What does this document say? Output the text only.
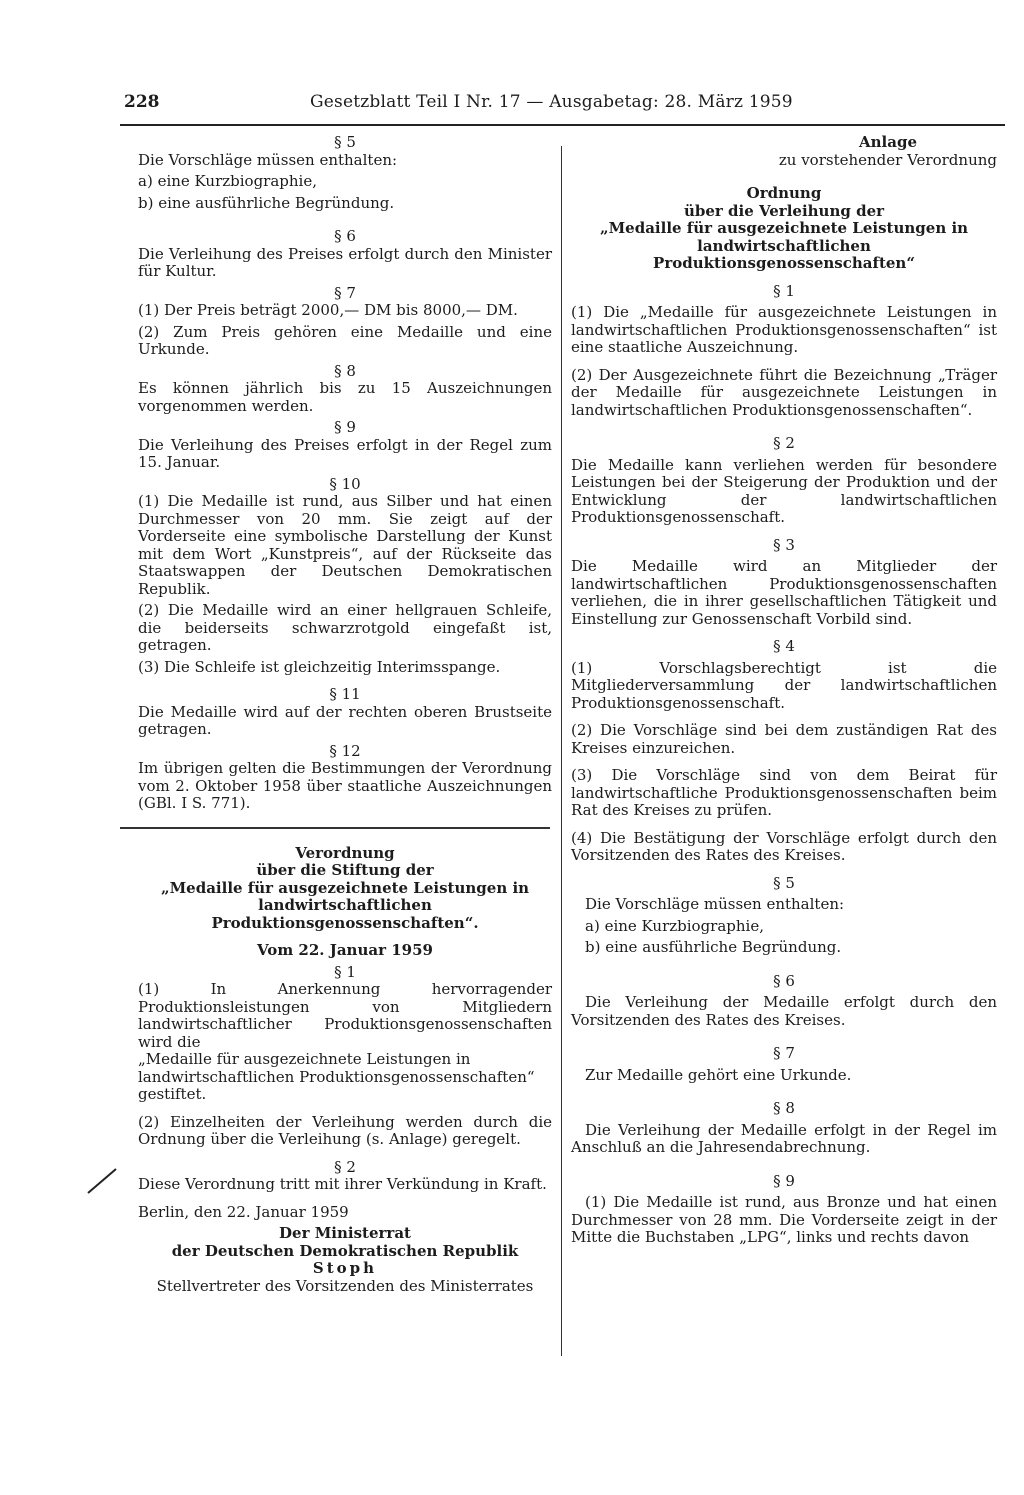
228	Gesetzblatt Teil I Nr. 17 — Ausgabetag: 28. März 1959

§ 5

Die Vorschläge müssen enthalten:

a) eine Kurzbiographie,

b) eine ausführliche Begründung.

§ 6

Die Verleihung des Preises erfolgt durch den Minister für Kultur.

§ 7

(1) Der Preis beträgt 2000,— DM bis 8000,— DM.

(2) Zum Preis gehören eine Medaille und eine Urkunde.

§ 8

Es können jährlich bis zu 15 Auszeichnungen vorgenommen werden.

§ 9

Die Verleihung des Preises erfolgt in der Regel zum 15. Januar.

§ 10

(1) Die Medaille ist rund, aus Silber und hat einen Durchmesser von 20 mm. Sie zeigt auf der Vorderseite eine symbolische Darstellung der Kunst mit dem Wort „Kunstpreis“, auf der Rückseite das Staatswappen der Deutschen Demokratischen Republik.

(2) Die Medaille wird an einer hellgrauen Schleife, die beiderseits schwarzrotgold eingefaßt ist, getragen.

(3) Die Schleife ist gleichzeitig Interimsspange.

§ 11

Die Medaille wird auf der rechten oberen Brustseite getragen.

§ 12

Im übrigen gelten die Bestimmungen der Verordnung vom 2. Oktober 1958 über staatliche Auszeichnungen (GBl. I S. 771).

Verordnung

über die Stiftung der

„Medaille für ausgezeichnete Leistungen in

landwirtschaftlichen Produktionsgenossenschaften“.

Vom 22. Januar 1959

§ 1

(1) In Anerkennung hervorragender Produktionsleistungen von Mitgliedern landwirtschaftlicher Produktionsgenossenschaften wird die

„Medaille für ausgezeichnete Leistungen in landwirtschaftlichen Produktionsgenossenschaften“

gestiftet.

(2) Einzelheiten der Verleihung werden durch die Ordnung über die Verleihung (s. Anlage) geregelt.

§ 2

Diese Verordnung tritt mit ihrer Verkündung in Kraft.

Berlin, den 22. Januar 1959

Der Ministerrat

der Deutschen Demokratischen Republik

Stoph

Stellvertreter des Vorsitzenden des Ministerrates

Anlage

zu vorstehender Verordnung

Ordnung

über die Verleihung der

„Medaille für ausgezeichnete Leistungen in

landwirtschaftlichen Produktionsgenossenschaften“

§ 1

(1) Die „Medaille für ausgezeichnete Leistungen in landwirtschaftlichen Produktionsgenossenschaften“ ist eine staatliche Auszeichnung.

(2) Der Ausgezeichnete führt die Bezeichnung „Träger der Medaille für ausgezeichnete Leistungen in landwirtschaftlichen Produktionsgenossenschaften“.

§ 2

Die Medaille kann verliehen werden für besondere Leistungen bei der Steigerung der Produktion und der Entwicklung der landwirtschaftlichen Produktionsgenossenschaft.

§ 3

Die Medaille wird an Mitglieder der landwirtschaftlichen Produktionsgenossenschaften verliehen, die in ihrer gesellschaftlichen Tätigkeit und Einstellung zur Genossenschaft Vorbild sind.

§ 4

(1) Vorschlagsberechtigt ist die Mitgliederversammlung der landwirtschaftlichen Produktionsgenossenschaft.

(2) Die Vorschläge sind bei dem zuständigen Rat des Kreises einzureichen.

(3) Die Vorschläge sind von dem Beirat für landwirtschaftliche Produktionsgenossenschaften beim Rat des Kreises zu prüfen.

(4) Die Bestätigung der Vorschläge erfolgt durch den Vorsitzenden des Rates des Kreises.

§ 5

Die Vorschläge müssen enthalten:

a) eine Kurzbiographie,

b) eine ausführliche Begründung.

§ 6

Die Verleihung der Medaille erfolgt durch den Vorsitzenden des Rates des Kreises.

§ 7

Zur Medaille gehört eine Urkunde.

§ 8

Die Verleihung der Medaille erfolgt in der Regel im Anschluß an die Jahresendabrechnung.

§ 9

(1) Die Medaille ist rund, aus Bronze und hat einen Durchmesser von 28 mm. Die Vorderseite zeigt in der Mitte die Buchstaben „LPG“, links und rechts davon
